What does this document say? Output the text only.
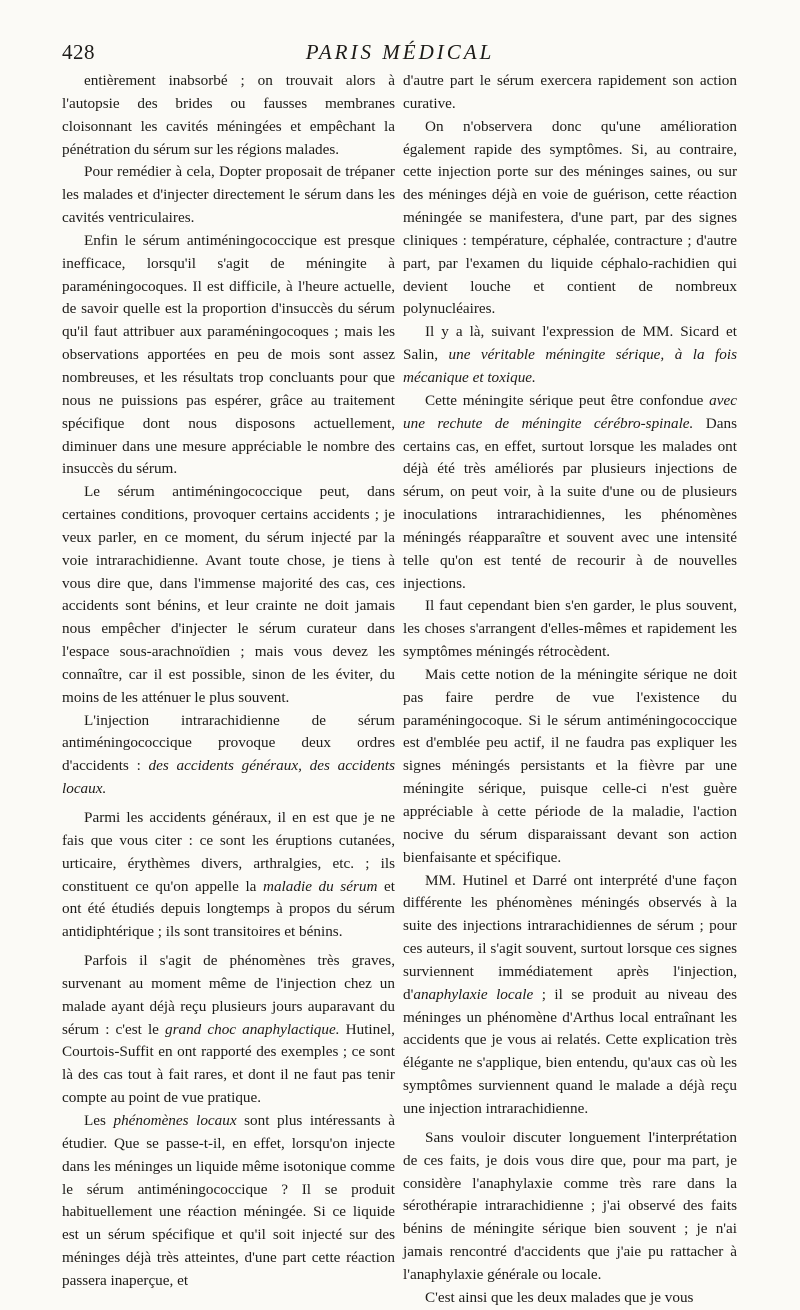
428	PARIS MÉDICAL

entièrement inabsorbé ; on trouvait alors à l'autopsie des brides ou fausses membranes cloisonnant les cavités méningées et empêchant la pénétration du sérum sur les régions malades.

Pour remédier à cela, Dopter proposait de trépaner les malades et d'injecter directement le sérum dans les cavités ventriculaires.

Enfin le sérum antiméningococcique est presque inefficace, lorsqu'il s'agit de méningite à paraméningocoques. Il est difficile, à l'heure actuelle, de savoir quelle est la proportion d'insuccès du sérum qu'il faut attribuer aux paraméningocoques ; mais les observations apportées en peu de mois sont assez nombreuses, et les résultats trop concluants pour que nous ne puissions pas espérer, grâce au traitement spécifique dont nous disposons actuellement, diminuer dans une mesure appréciable le nombre des insuccès du sérum.

Le sérum antiméningococcique peut, dans certaines conditions, provoquer certains accidents ; je veux parler, en ce moment, du sérum injecté par la voie intrarachidienne. Avant toute chose, je tiens à vous dire que, dans l'immense majorité des cas, ces accidents sont bénins, et leur crainte ne doit jamais nous empêcher d'injecter le sérum curateur dans l'espace sous-arachnoïdien ; mais vous devez les connaître, car il est possible, sinon de les éviter, du moins de les atténuer le plus souvent.

L'injection intrarachidienne de sérum antiméningococcique provoque deux ordres d'accidents : des accidents généraux, des accidents locaux.

Parmi les accidents généraux, il en est que je ne fais que vous citer : ce sont les éruptions cutanées, urticaire, érythèmes divers, arthralgies, etc. ; ils constituent ce qu'on appelle la maladie du sérum et ont été étudiés depuis longtemps à propos du sérum antidiphtérique ; ils sont transitoires et bénins.

Parfois il s'agit de phénomènes très graves, survenant au moment même de l'injection chez un malade ayant déjà reçu plusieurs jours auparavant du sérum : c'est le grand choc anaphylactique. Hutinel, Courtois-Suffit en ont rapporté des exemples ; ce sont là des cas tout à fait rares, et dont il ne faut pas tenir compte au point de vue pratique.

Les phénomènes locaux sont plus intéressants à étudier. Que se passe-t-il, en effet, lorsqu'on injecte dans les méninges un liquide même isotonique comme le sérum antiméningococcique ? Il se produit habituellement une réaction méningée. Si ce liquide est un sérum spécifique et qu'il soit injecté sur des méninges déjà très atteintes, d'une part cette réaction passera inaperçue, et

d'autre part le sérum exercera rapidement son action curative.

On n'observera donc qu'une amélioration également rapide des symptômes. Si, au contraire, cette injection porte sur des méninges saines, ou sur des méninges déjà en voie de guérison, cette réaction méningée se manifestera, d'une part, par des signes cliniques : température, céphalée, contracture ; d'autre part, par l'examen du liquide céphalo-rachidien qui devient louche et contient de nombreux polynucléaires.

Il y a là, suivant l'expression de MM. Sicard et Salin, une véritable méningite sérique, à la fois mécanique et toxique.

Cette méningite sérique peut être confondue avec une rechute de méningite cérébro-spinale. Dans certains cas, en effet, surtout lorsque les malades ont déjà été très améliorés par plusieurs injections de sérum, on peut voir, à la suite d'une ou de plusieurs inoculations intrarachidiennes, les phénomènes méningés réapparaître et souvent avec une intensité telle qu'on est tenté de recourir à de nouvelles injections.

Il faut cependant bien s'en garder, le plus souvent, les choses s'arrangent d'elles-mêmes et rapidement les symptômes méningés rétrocèdent.

Mais cette notion de la méningite sérique ne doit pas faire perdre de vue l'existence du paraméningocoque. Si le sérum antiméningococcique est d'emblée peu actif, il ne faudra pas expliquer les signes méningés persistants et la fièvre par une méningite sérique, puisque celle-ci n'est guère appréciable à cette période de la maladie, l'action nocive du sérum disparaissant devant son action bienfaisante et spécifique.

MM. Hutinel et Darré ont interprété d'une façon différente les phénomènes méningés observés à la suite des injections intrarachidiennes de sérum ; pour ces auteurs, il s'agit souvent, surtout lorsque ces signes surviennent immédiatement après l'injection, d'anaphylaxie locale ; il se produit au niveau des méninges un phénomène d'Arthus local entraînant les accidents que je vous ai relatés. Cette explication très élégante ne s'applique, bien entendu, qu'aux cas où les symptômes surviennent quand le malade a déjà reçu une injection intrarachidienne.

Sans vouloir discuter longuement l'interprétation de ces faits, je dois vous dire que, pour ma part, je considère l'anaphylaxie comme très rare dans la sérothérapie intrarachidienne ; j'ai observé des faits bénins de méningite sérique bien souvent ; je n'ai jamais rencontré d'accidents que j'aie pu rattacher à l'anaphylaxie générale ou locale.

C'est ainsi que les deux malades que je vous
